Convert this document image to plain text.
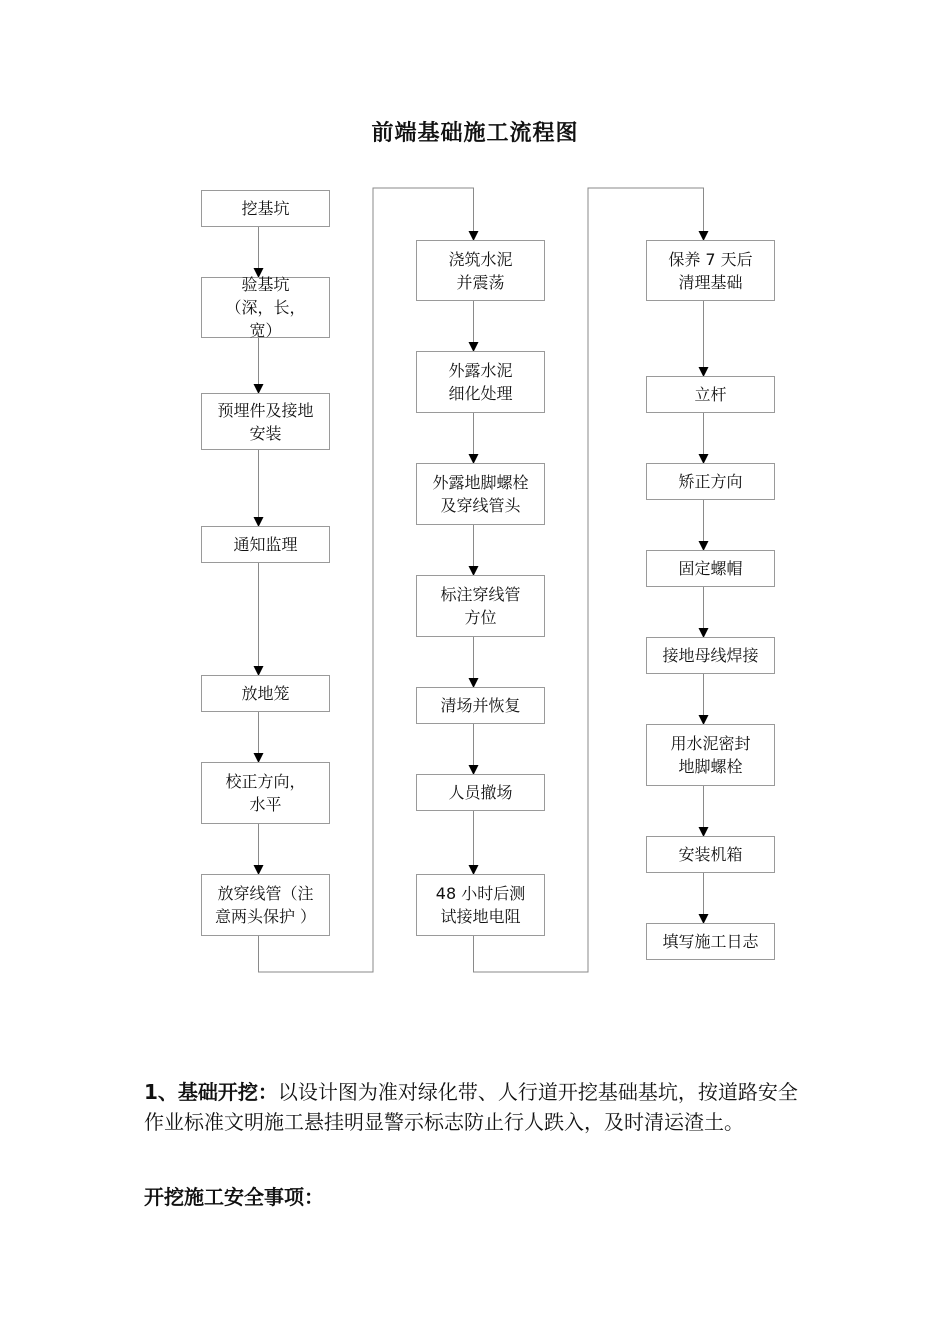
前端基础施工流程图
挖基坑
验基坑
（深，长，
宽）
预埋件及接地
安装
通知监理
放地笼
校正方向，
水平
放穿线管（注
意两头保护 ）
浇筑水泥
并震荡
外露水泥
细化处理
外露地脚螺栓
及穿线管头
标注穿线管
方位
清场并恢复
人员撤场
48 小时后测
试接地电阻
保养 7 天后
清理基础
立杆
矫正方向
固定螺帽
接地母线焊接
用水泥密封
地脚螺栓
安装机箱
填写施工日志
1、基础开挖：以设计图为准对绿化带、人行道开挖基础基坑，按道路安全作业标准文明施工悬挂明显警示标志防止行人跌入，及时清运渣土。
开挖施工安全事项：
